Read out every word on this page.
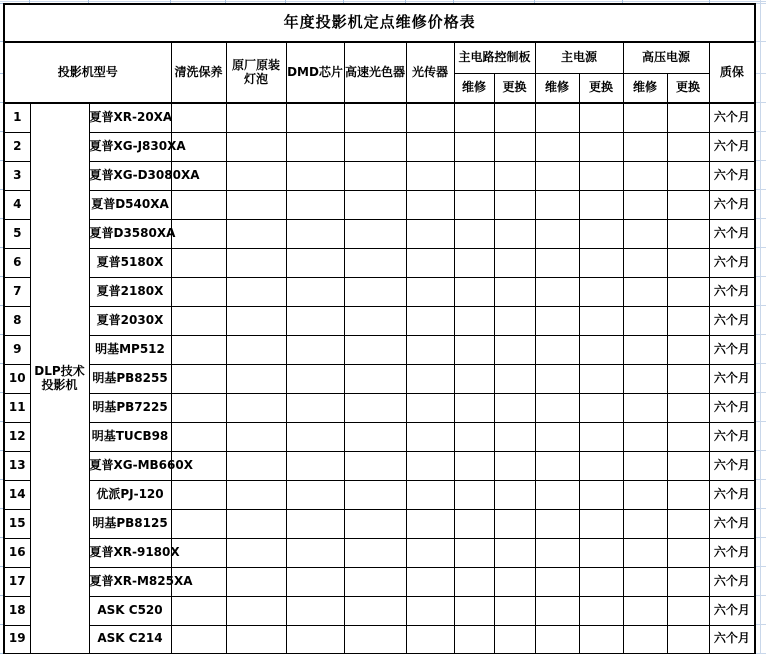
年度投影机定点维修价格表														
投影机型号			清洗保养	原厂原装灯泡	DMD芯片	高速光色器	光传器	主电路控制板		主电源		高压电源		质保
								维修	更换	维修	更换	维修	更换	
1	DLP技术投影机	夏普XR-20XA												六个月
2		夏普XG-J830XA												六个月
3		夏普XG-D3080XA												六个月
4		夏普D540XA												六个月
5		夏普D3580XA												六个月
6		夏普5180X												六个月
7		夏普2180X												六个月
8		夏普2030X												六个月
9		明基MP512												六个月
10		明基PB8255												六个月
11		明基PB7225												六个月
12		明基TUCB98												六个月
13		夏普XG-MB660X												六个月
14		优派PJ-120												六个月
15		明基PB8125												六个月
16		夏普XR-9180X												六个月
17		夏普XR-M825XA												六个月
18		ASK C520												六个月
19		ASK C214												六个月
